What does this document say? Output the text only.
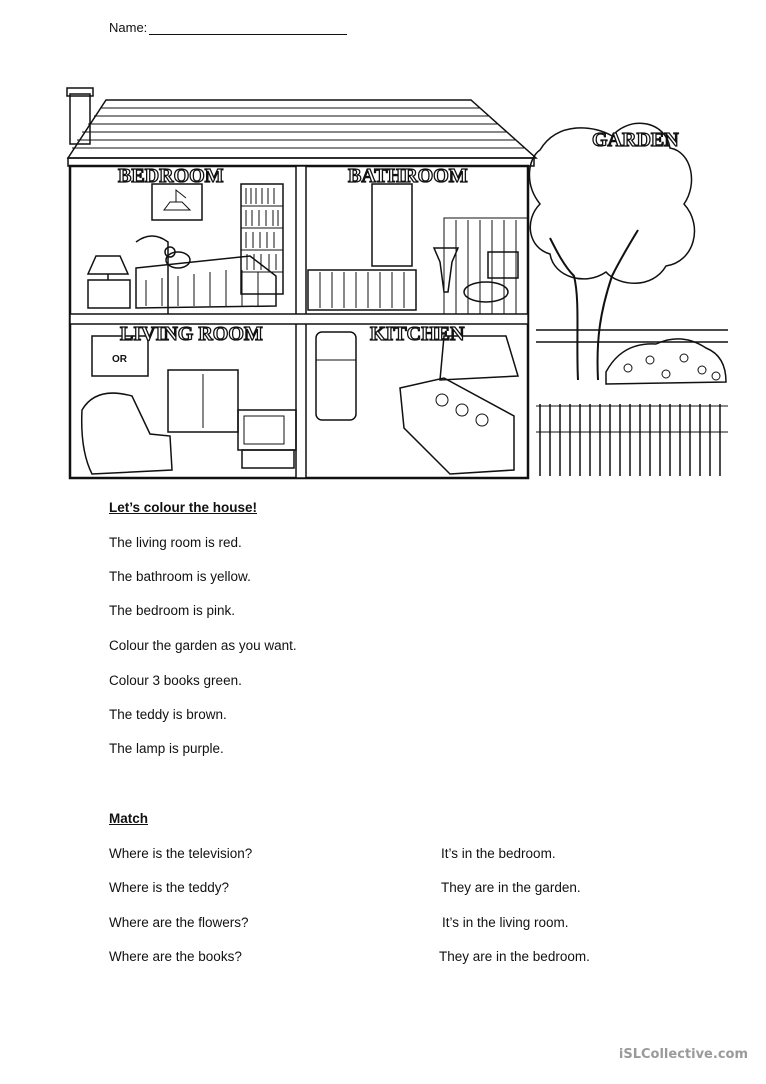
Name:
OR
GARDEN
BEDROOM	BATHROOM
LIVING ROOM	KITCHEN
Let’s colour the house!
The living room is red.
The bathroom is yellow.
The bedroom is pink.
Colour the garden as you want.
Colour 3 books green.
The teddy is brown.
The lamp is purple.
Match
Where is the television?
Where is the teddy?
Where are the flowers?
Where are the books?
It’s in the bedroom.
They are in the garden.
It’s in the living room.
They are in the bedroom.
iSLCollective.com
